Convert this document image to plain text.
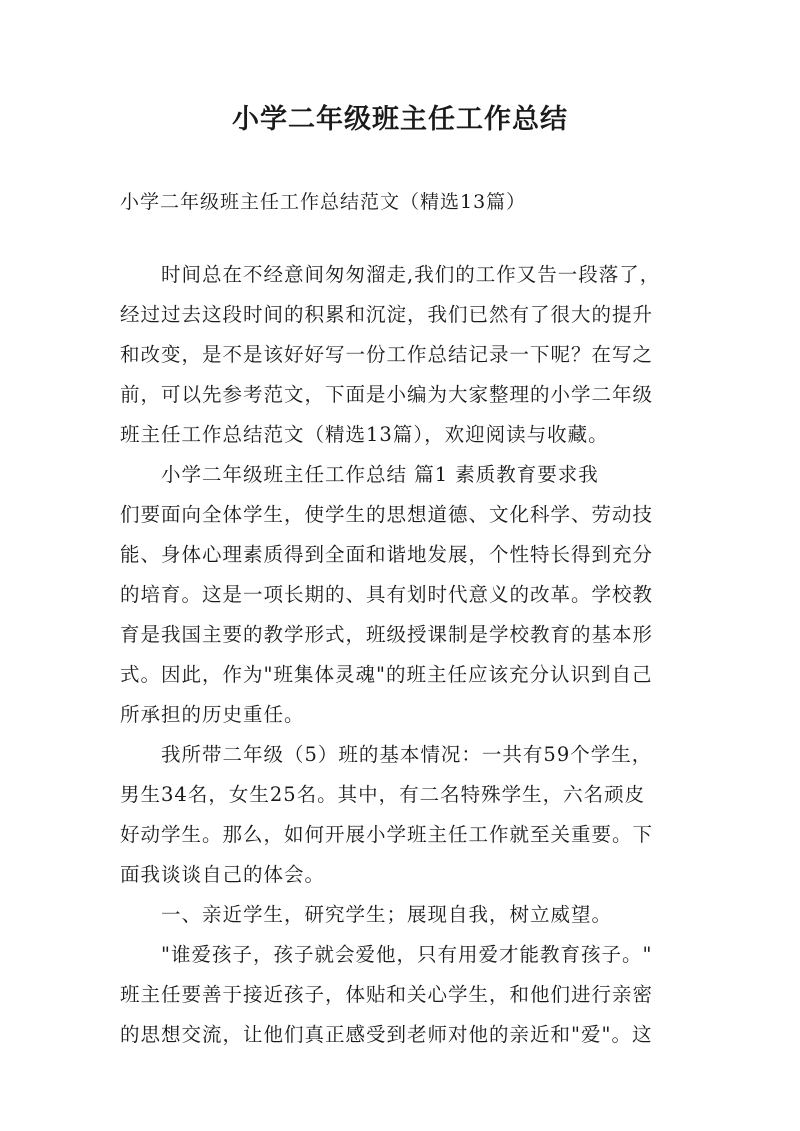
小学二年级班主任工作总结
小学二年级班主任工作总结范文（精选13篇）
时间总在不经意间匆匆溜走,我们的工作又告一段落了，
经过过去这段时间的积累和沉淀，我们已然有了很大的提升
和改变，是不是该好好写一份工作总结记录一下呢？在写之
前，可以先参考范文，下面是小编为大家整理的小学二年级
班主任工作总结范文（精选13篇），欢迎阅读与收藏。
小学二年级班主任工作总结 篇1 素质教育要求我
们要面向全体学生，使学生的思想道德、文化科学、劳动技
能、身体心理素质得到全面和谐地发展，个性特长得到充分
的培育。这是一项长期的、具有划时代意义的改革。学校教
育是我国主要的教学形式，班级授课制是学校教育的基本形
式。因此，作为"班集体灵魂"的班主任应该充分认识到自己
所承担的历史重任。
我所带二年级（5）班的基本情况：一共有59个学生，
男生34名，女生25名。其中，有二名特殊学生，六名顽皮
好动学生。那么，如何开展小学班主任工作就至关重要。下
面我谈谈自己的体会。
一、亲近学生，研究学生；展现自我，树立威望。
"谁爱孩子，孩子就会爱他，只有用爱才能教育孩子。"
班主任要善于接近孩子，体贴和关心学生，和他们进行亲密
的思想交流，让他们真正感受到老师对他的亲近和"爱"。这
